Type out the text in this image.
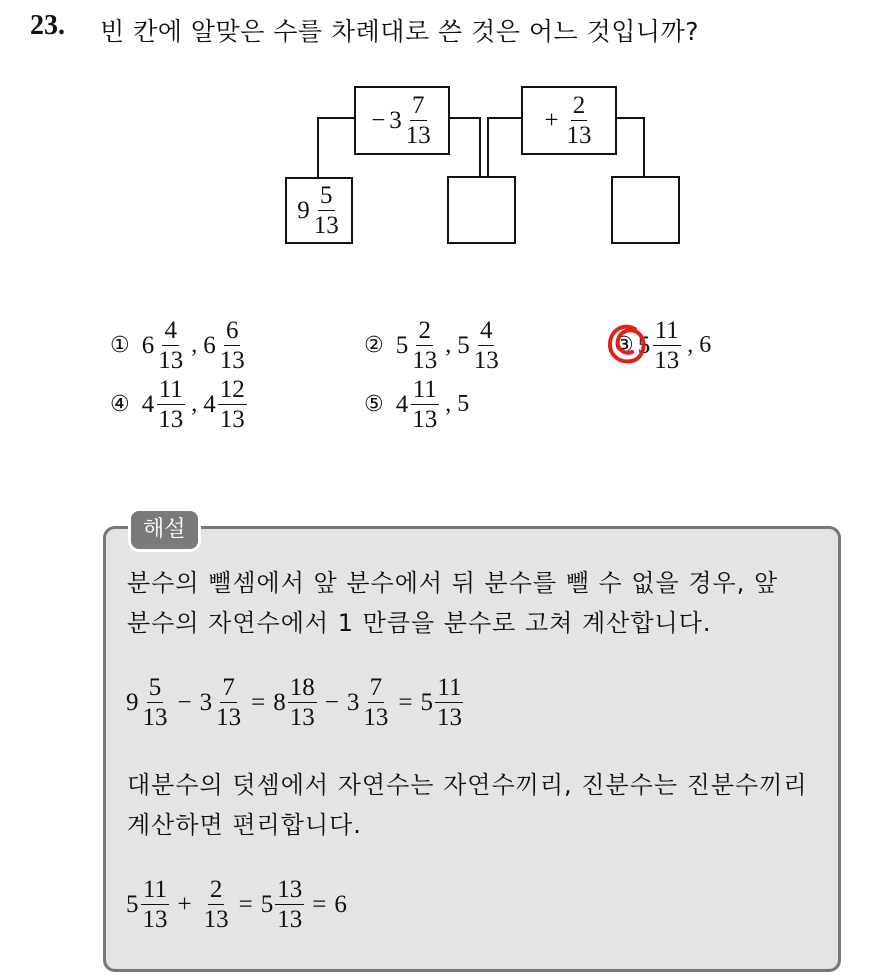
23. 빈 칸에 알맞은 수를 차례대로 쓴 것은 어느 것입니까?
$9 \frac{5}{13}$
− $3 \frac{7}{13}$	+ $\frac{2}{13}$
① $6 \frac{4}{13}$ , $6 \frac{6}{13}$	② $5 \frac{2}{13}$ , $5 \frac{4}{13}$	③ $5 \frac{11}{13}$ , 6
④ $4 \frac{11}{13}$ , $4 \frac{12}{13}$	⑤ $4 \frac{11}{13}$ , 5
해설
분수의 뺄셈에서 앞 분수에서 뒤 분수를 뺄 수 없을 경우, 앞
분수의 자연수에서 1 만큼을 분수로 고쳐 계산합니다.
$9 \frac{5}{13} - 3 \frac{7}{13} = 8 \frac{18}{13} - 3 \frac{7}{13} = 5 \frac{11}{13}$
대분수의 덧셈에서 자연수는 자연수끼리, 진분수는 진분수끼리
계산하면 편리합니다.
$5 \frac{11}{13} + \frac{2}{13} = 5 \frac{13}{13} = 6$
